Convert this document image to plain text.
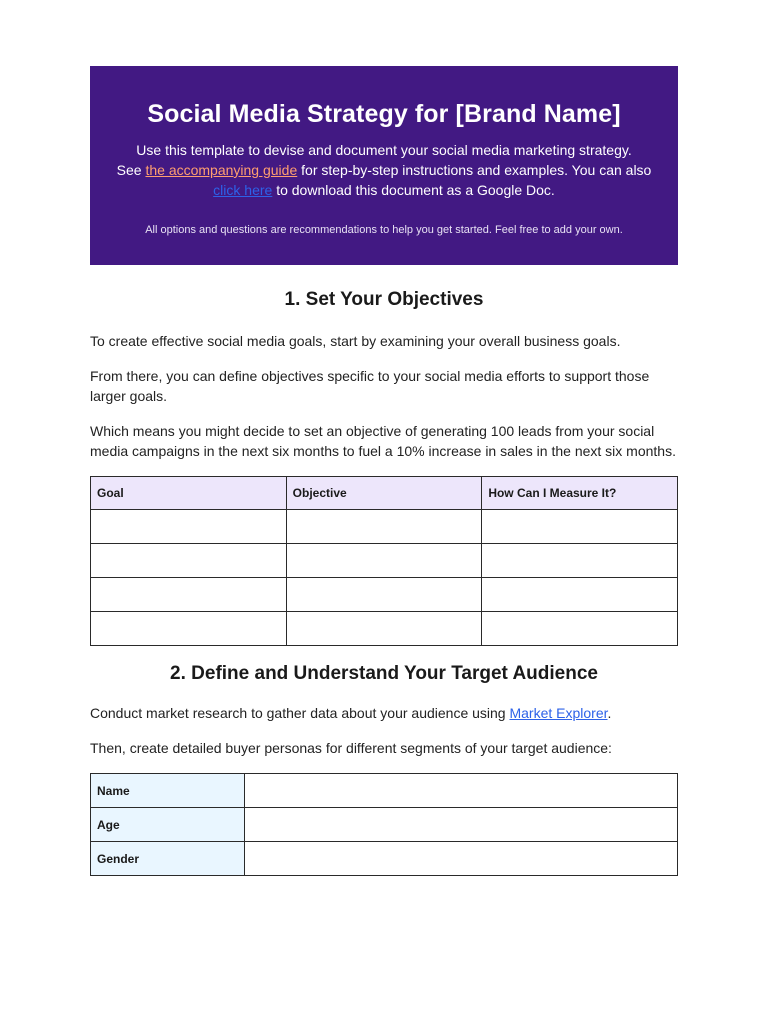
Social Media Strategy for [Brand Name]

Use this template to devise and document your social media marketing strategy.
See the accompanying guide for step-by-step instructions and examples. You can also
click here to download this document as a Google Doc.

All options and questions are recommendations to help you get started. Feel free to add your own.

1. Set Your Objectives

To create effective social media goals, start by examining your overall business goals.

From there, you can define objectives specific to your social media efforts to support those larger goals.

Which means you might decide to set an objective of generating 100 leads from your social media campaigns in the next six months to fuel a 10% increase in sales in the next six months.

Goal	Objective	How Can I Measure It?

2. Define and Understand Your Target Audience

Conduct market research to gather data about your audience using Market Explorer.

Then, create detailed buyer personas for different segments of your target audience:

Name	
Age	
Gender	
